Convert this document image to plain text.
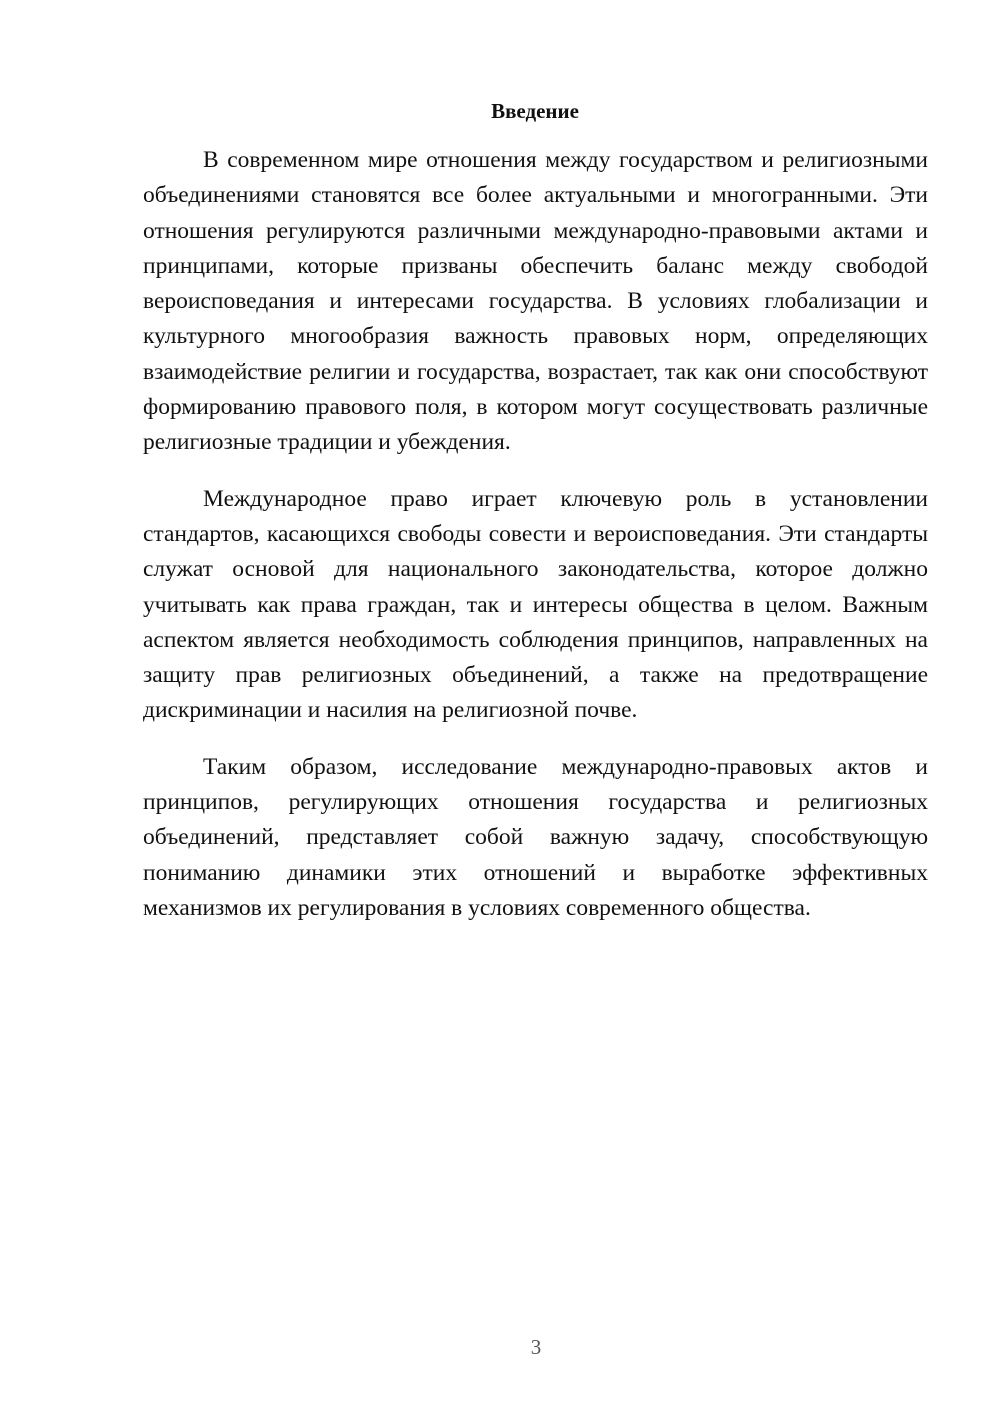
Введение

В современном мире отношения между государством и религиозными объединениями становятся все более актуальными и многогранными. Эти отношения регулируются различными международно-правовыми актами и принципами, которые призваны обеспечить баланс между свободой вероисповедания и интересами государства. В условиях глобализации и культурного многообразия важность правовых норм, определяющих взаимодействие религии и государства, возрастает, так как они способствуют формированию правового поля, в котором могут сосуществовать различные религиозные традиции и убеждения.

Международное право играет ключевую роль в установлении стандартов, касающихся свободы совести и вероисповедания. Эти стандарты служат основой для национального законодательства, которое должно учитывать как права граждан, так и интересы общества в целом. Важным аспектом является необходимость соблюдения принципов, направленных на защиту прав религиозных объединений, а также на предотвращение дискриминации и насилия на религиозной почве.

Таким образом, исследование международно-правовых актов и принципов, регулирующих отношения государства и религиозных объединений, представляет собой важную задачу, способствующую пониманию динамики этих отношений и выработке эффективных механизмов их регулирования в условиях современного общества.

3
